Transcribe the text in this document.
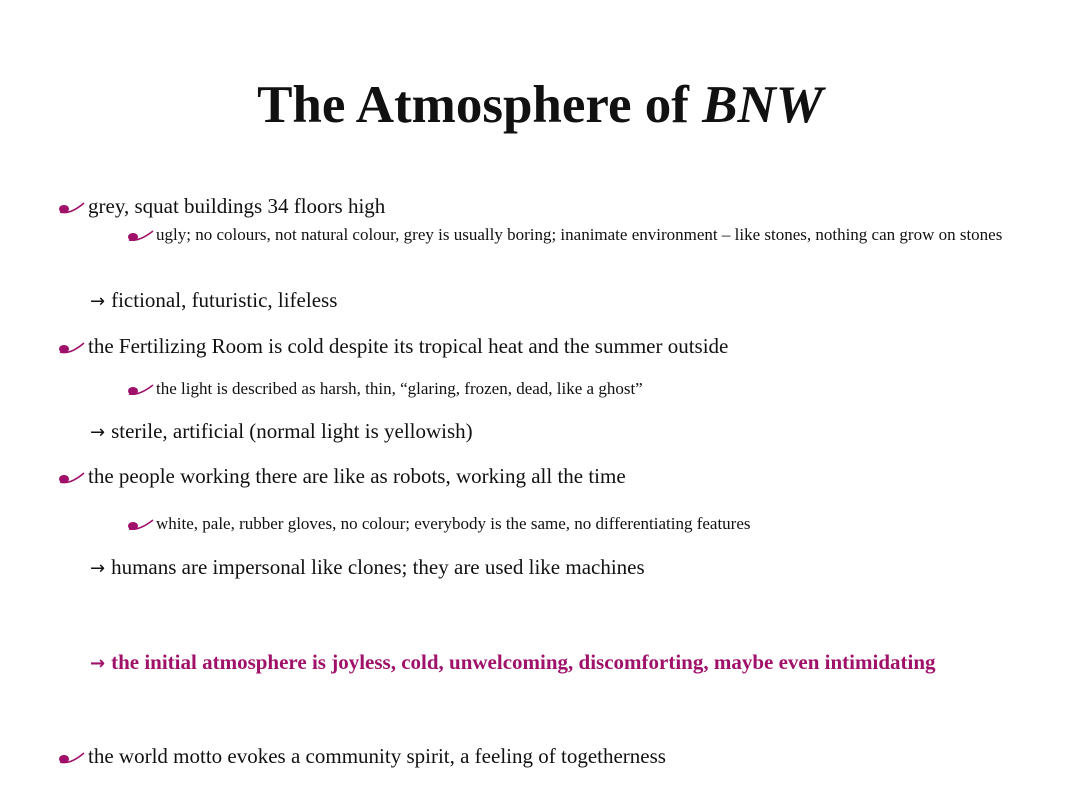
The Atmosphere of BNW
grey, squat buildings 34 floors high
ugly; no colours, not natural colour, grey is usually boring; inanimate environment – like stones, nothing can grow on stones
→ fictional, futuristic, lifeless
the Fertilizing Room is cold despite its tropical heat and the summer outside
the light is described as harsh, thin, “glaring, frozen, dead, like a ghost”
→ sterile, artificial (normal light is yellowish)
the people working there are like as robots, working all the time
white, pale, rubber gloves, no colour; everybody is the same, no differentiating features
→ humans are impersonal like clones; they are used like machines
→ the initial atmosphere is joyless, cold, unwelcoming, discomforting, maybe even intimidating
the world motto evokes a community spirit, a feeling of togetherness
